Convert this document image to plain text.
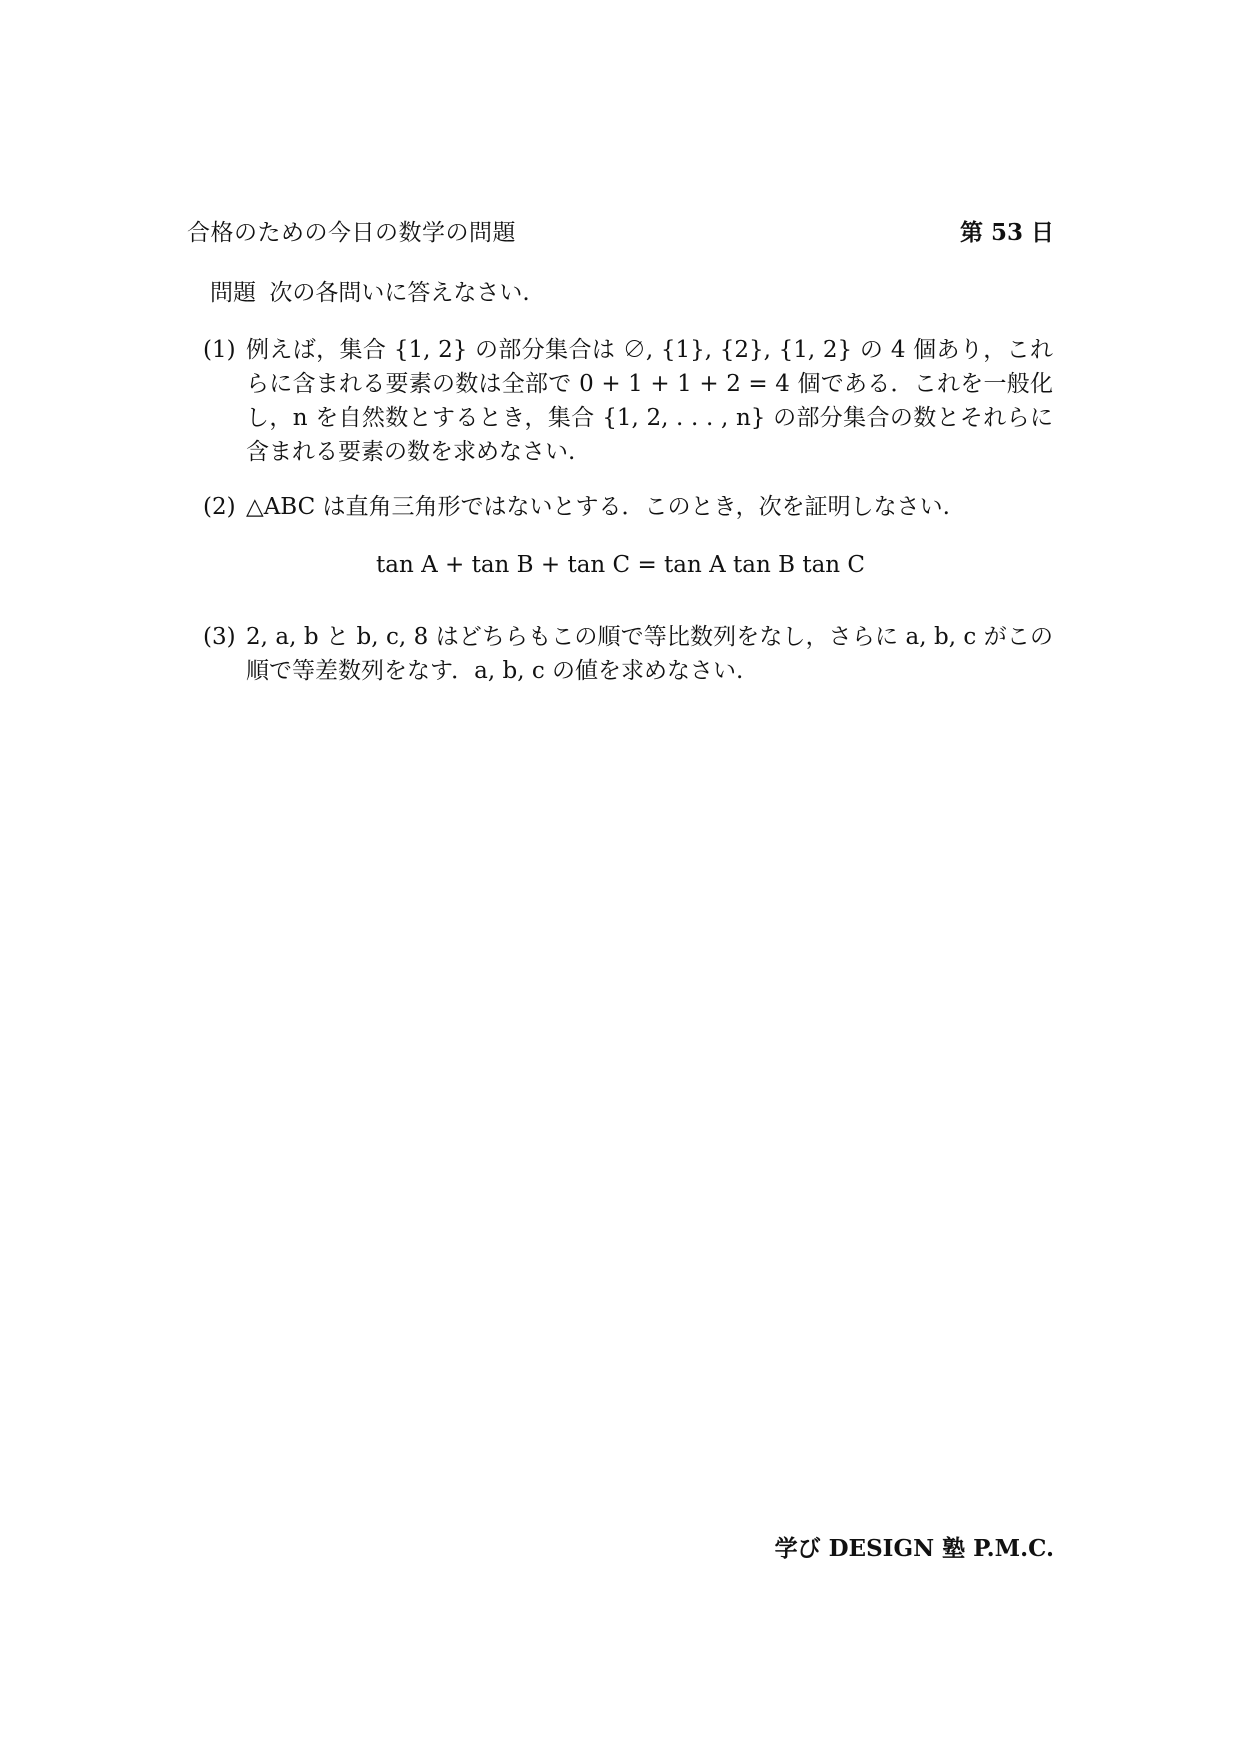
合格のための今日の数学の問題	第 53 日
問題 次の各問いに答えなさい.
(1) 例えば，集合 {1, 2} の部分集合は ∅, {1}, {2}, {1, 2} の 4 個あり，これらに含まれる要素の数は全部で 0 + 1 + 1 + 2 = 4 個である．これを一般化し，n を自然数とするとき，集合 {1, 2, . . . , n} の部分集合の数とそれらに含まれる要素の数を求めなさい.
(2) △ABC は直角三角形ではないとする．このとき，次を証明しなさい.
tan A + tan B + tan C = tan A tan B tan C
(3) 2, a, b と b, c, 8 はどちらもこの順で等比数列をなし，さらに a, b, c がこの順で等差数列をなす．a, b, c の値を求めなさい.
学び DESIGN 塾 P.M.C.
